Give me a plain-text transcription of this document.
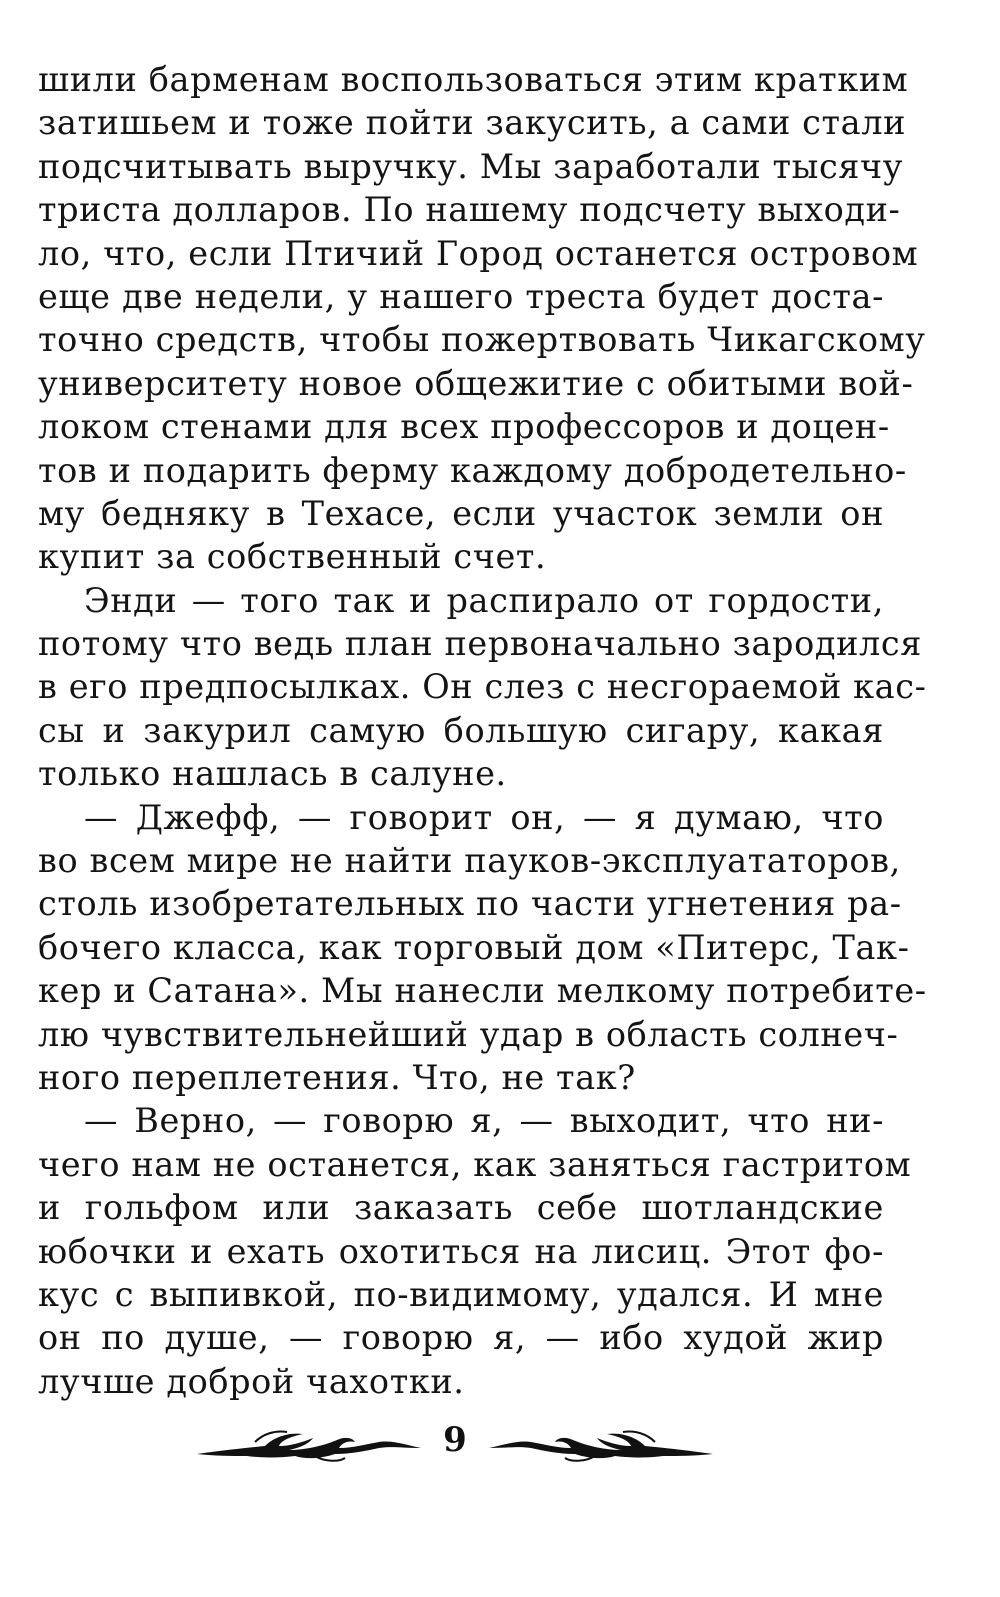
шили барменам воспользоваться этим кратким
затишьем и тоже пойти закусить, а сами стали
подсчитывать выручку. Мы заработали тысячу
триста долларов. По нашему подсчету выходи-
ло, что, если Птичий Город останется островом
еще две недели, у нашего треста будет доста-
точно средств, чтобы пожертвовать Чикагскому
университету новое общежитие с обитыми вой-
локом стенами для всех профессоров и доцен-
тов и подарить ферму каждому добродетельно-
му бедняку в Техасе, если участок земли он
купит за собственный счет.
Энди — того так и распирало от гордости,
потому что ведь план первоначально зародился
в его предпосылках. Он слез с несгораемой кас-
сы и закурил самую большую сигару, какая
только нашлась в салуне.
— Джефф, — говорит он, — я думаю, что
во всем мире не найти пауков-эксплуататоров,
столь изобретательных по части угнетения ра-
бочего класса, как торговый дом «Питерс, Так-
кер и Сатана». Мы нанесли мелкому потребите-
лю чувствительнейший удар в область солнеч-
ного переплетения. Что, не так?
— Верно, — говорю я, — выходит, что ни-
чего нам не останется, как заняться гастритом
и гольфом или заказать себе шотландские
юбочки и ехать охотиться на лисиц. Этот фо-
кус с выпивкой, по-видимому, удался. И мне
он по душе, — говорю я, — ибо худой жир
лучше доброй чахотки.
9
